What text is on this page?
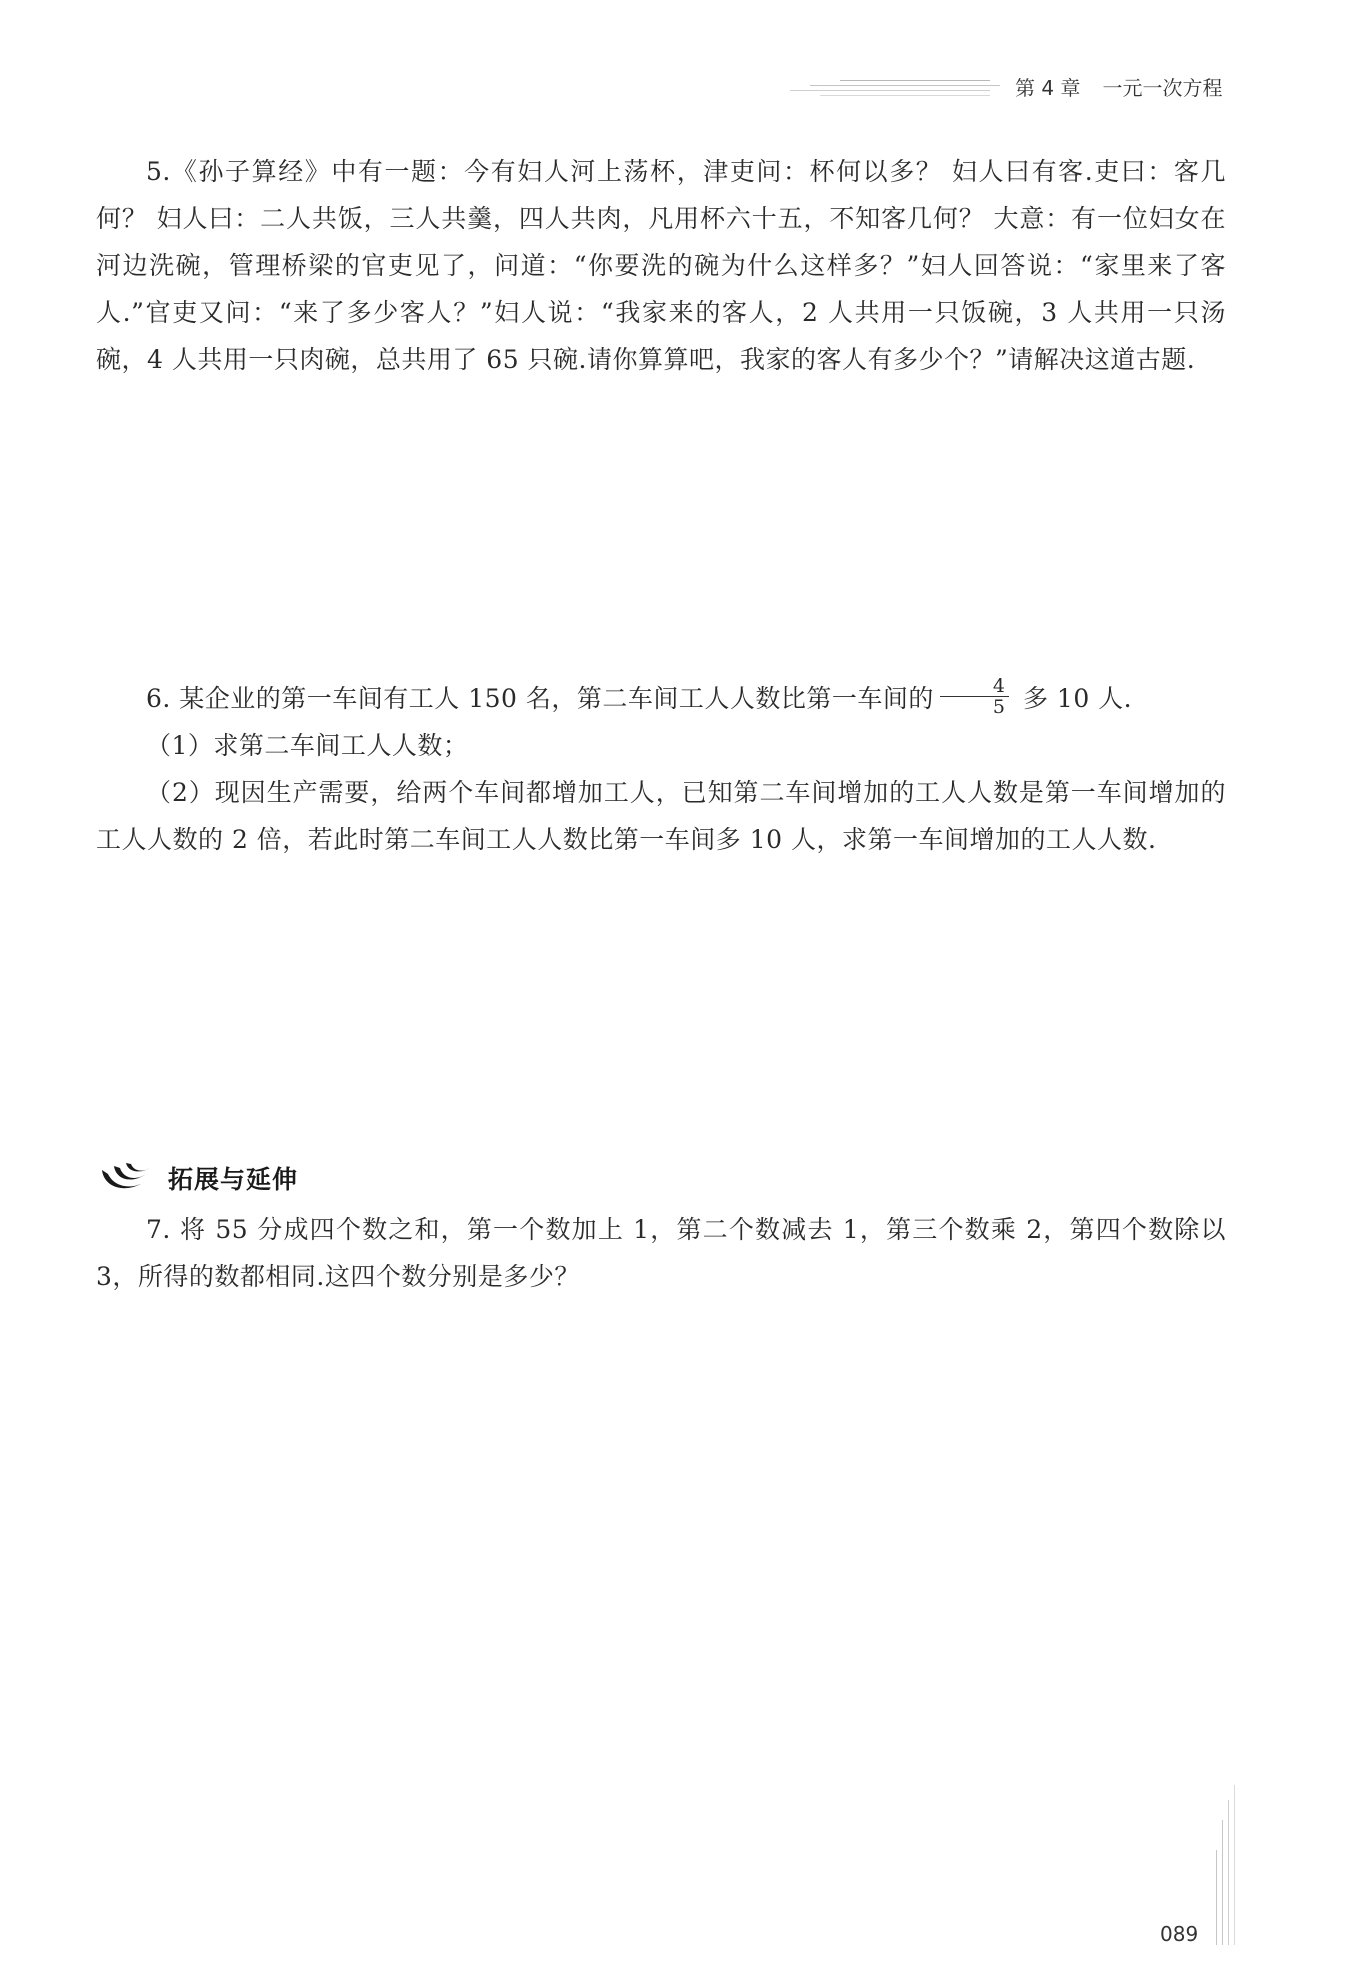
第 4 章 一元一次方程

5.《孙子算经》中有一题：今有妇人河上荡杯，津吏问：杯何以多？ 妇人曰有客.吏曰：客几何？ 妇人曰：二人共饭，三人共羹，四人共肉，凡用杯六十五，不知客几何？ 大意：有一位妇女在河边洗碗，管理桥梁的官吏见了，问道：“你要洗的碗为什么这样多？”妇人回答说：“家里来了客人.”官吏又问：“来了多少客人？”妇人说：“我家来的客人，2 人共用一只饭碗，3 人共用一只汤碗，4 人共用一只肉碗，总共用了 65 只碗.请你算算吧，我家的客人有多少个？”请解决这道古题.

6. 某企业的第一车间有工人 150 名，第二车间工人人数比第一车间的 $\frac{4}{5}$ 多 10 人.

（1）求第二车间工人人数；

（2）现因生产需要，给两个车间都增加工人，已知第二车间增加的工人人数是第一车间增加的工人人数的 2 倍，若此时第二车间工人人数比第一车间多 10 人，求第一车间增加的工人人数.

拓展与延伸

7. 将 55 分成四个数之和，第一个数加上 1，第二个数减去 1，第三个数乘 2，第四个数除以 3，所得的数都相同.这四个数分别是多少？

089
